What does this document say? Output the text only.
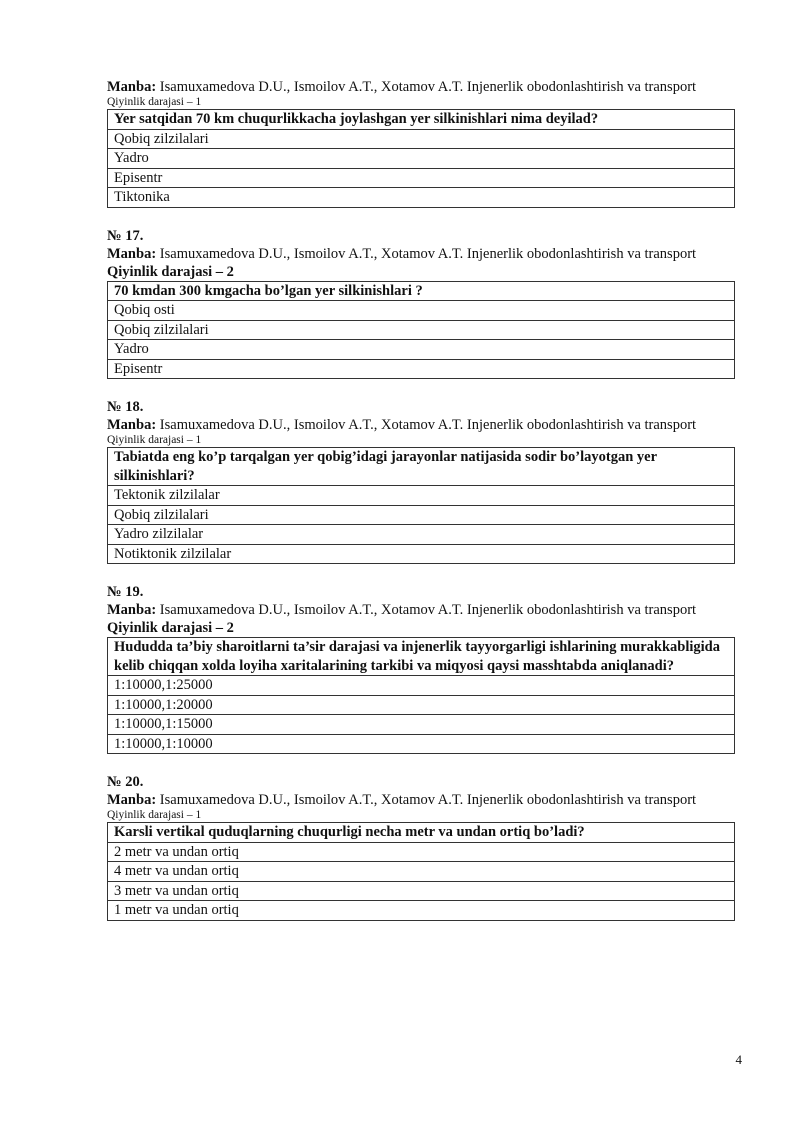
Manba: Isamuxamedova D.U., Ismoilov A.T., Xotamov A.T. Injenerlik obodonlashtirish va transport
Qiyinlik darajasi – 1
Yer satqidan 70 km chuqurlikkacha joylashgan yer silkinishlari nima deyilad?
Qobiq zilzilalari
Yadro
Episentr
Tiktonika
№ 17.
Manba: Isamuxamedova D.U., Ismoilov A.T., Xotamov A.T. Injenerlik obodonlashtirish va transport
Qiyinlik darajasi – 2
70 kmdan 300 kmgacha bo’lgan yer silkinishlari ?
Qobiq osti
Qobiq zilzilalari
Yadro
Episentr
№ 18.
Manba: Isamuxamedova D.U., Ismoilov A.T., Xotamov A.T. Injenerlik obodonlashtirish va transport
Qiyinlik darajasi – 1
Tabiatda eng ko’p tarqalgan yer qobig’idagi jarayonlar natijasida sodir bo’layotgan yer silkinishlari?
Tektonik zilzilalar
Qobiq zilzilalari
Yadro zilzilalar
Notiktonik zilzilalar
№ 19.
Manba: Isamuxamedova D.U., Ismoilov A.T., Xotamov A.T. Injenerlik obodonlashtirish va transport
Qiyinlik darajasi – 2
Hududda ta’biy sharoitlarni ta’sir darajasi va injenerlik tayyorgarligi ishlarining murakkabligida kelib chiqqan xolda loyiha xaritalarining tarkibi va miqyosi qaysi masshtabda aniqlanadi?
1:10000,1:25000
1:10000,1:20000
1:10000,1:15000
1:10000,1:10000
№ 20.
Manba: Isamuxamedova D.U., Ismoilov A.T., Xotamov A.T. Injenerlik obodonlashtirish va transport
Qiyinlik darajasi – 1
Karsli vertikal quduqlarning chuqurligi necha metr va undan ortiq bo’ladi?
2 metr va undan ortiq
4 metr va undan ortiq
3 metr va undan ortiq
1 metr va undan ortiq
4
